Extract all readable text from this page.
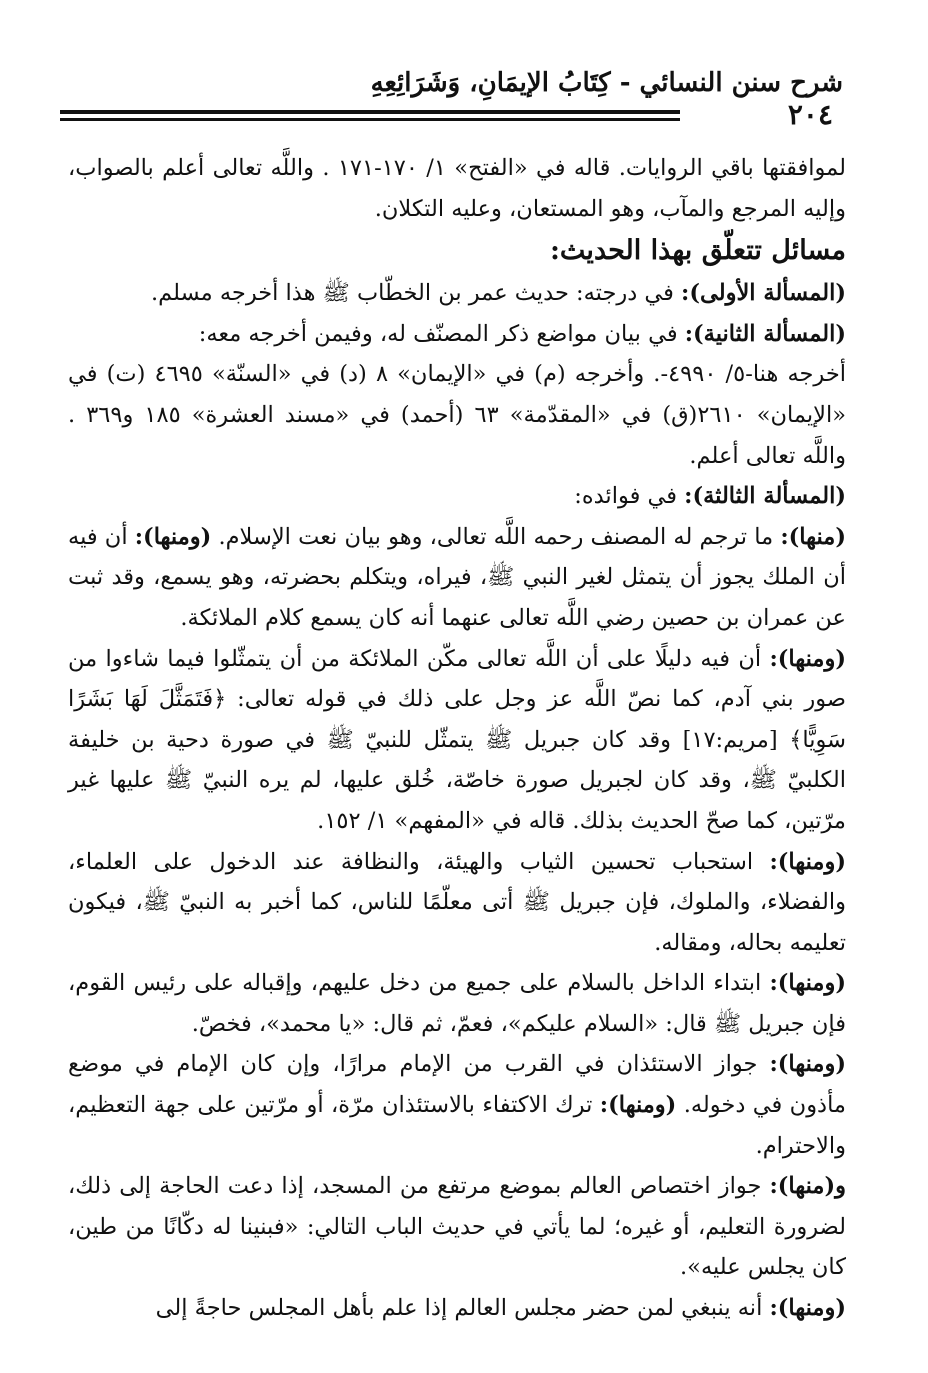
شرح سنن النسائي - كِتَابُ الإيمَانِ، وَشَرَائِعِهِ
٢٠٤

لموافقتها باقي الروايات. قاله في «الفتح» ١/ ١٧٠-١٧١ . واللَّه تعالى أعلم بالصواب، وإليه المرجع والمآب، وهو المستعان، وعليه التكلان.

مسائل تتعلّق بهذا الحديث:

(المسألة الأولى): في درجته: حديث عمر بن الخطّاب ﷺ هذا أخرجه مسلم.

(المسألة الثانية): في بيان مواضع ذكر المصنّف له، وفيمن أخرجه معه:

أخرجه هنا-٥/ ٤٩٩٠-. وأخرجه (م) في «الإيمان» ٨ (د) في «السنّة» ٤٦٩٥ (ت) في «الإيمان» ٢٦١٠(ق) في «المقدّمة» ٦٣ (أحمد) في «مسند العشرة» ١٨٥ و٣٦٩ . واللَّه تعالى أعلم.

(المسألة الثالثة): في فوائده:

(منها): ما ترجم له المصنف رحمه اللَّه تعالى، وهو بيان نعت الإسلام. (ومنها): أن فيه أن الملك يجوز أن يتمثل لغير النبي ﷺ، فيراه، ويتكلم بحضرته، وهو يسمع، وقد ثبت عن عمران بن حصين رضي اللَّه تعالى عنهما أنه كان يسمع كلام الملائكة.

(ومنها): أن فيه دليلًا على أن اللَّه تعالى مكّن الملائكة من أن يتمثّلوا فيما شاءوا من صور بني آدم، كما نصّ اللَّه عز وجل على ذلك في قوله تعالى: ﴿فَتَمَثَّلَ لَهَا بَشَرًا سَوِيًّا﴾ [مريم:١٧] وقد كان جبريل ﷺ يتمثّل للنبيّ ﷺ في صورة دحية بن خليفة الكلبيّ ﷺ، وقد كان لجبريل صورة خاصّة، خُلق عليها، لم يره النبيّ ﷺ عليها غير مرّتين، كما صحّ الحديث بذلك. قاله في «المفهم» ١/ ١٥٢.

(ومنها): استحباب تحسين الثياب والهيئة، والنظافة عند الدخول على العلماء، والفضلاء، والملوك، فإن جبريل ﷺ أتى معلّمًا للناس، كما أخبر به النبيّ ﷺ، فيكون تعليمه بحاله، ومقاله.

(ومنها): ابتداء الداخل بالسلام على جميع من دخل عليهم، وإقباله على رئيس القوم، فإن جبريل ﷺ قال: «السلام عليكم»، فعمّ، ثم قال: «يا محمد»، فخصّ.

(ومنها): جواز الاستئذان في القرب من الإمام مرارًا، وإن كان الإمام في موضع مأذون في دخوله. (ومنها): ترك الاكتفاء بالاستئذان مرّة، أو مرّتين على جهة التعظيم، والاحترام.

و(منها): جواز اختصاص العالم بموضع مرتفع من المسجد، إذا دعت الحاجة إلى ذلك، لضرورة التعليم، أو غيره؛ لما يأتي في حديث الباب التالي: «فبنينا له دكّانًا من طين، كان يجلس عليه».

(ومنها): أنه ينبغي لمن حضر مجلس العالم إذا علم بأهل المجلس حاجةً إلى
